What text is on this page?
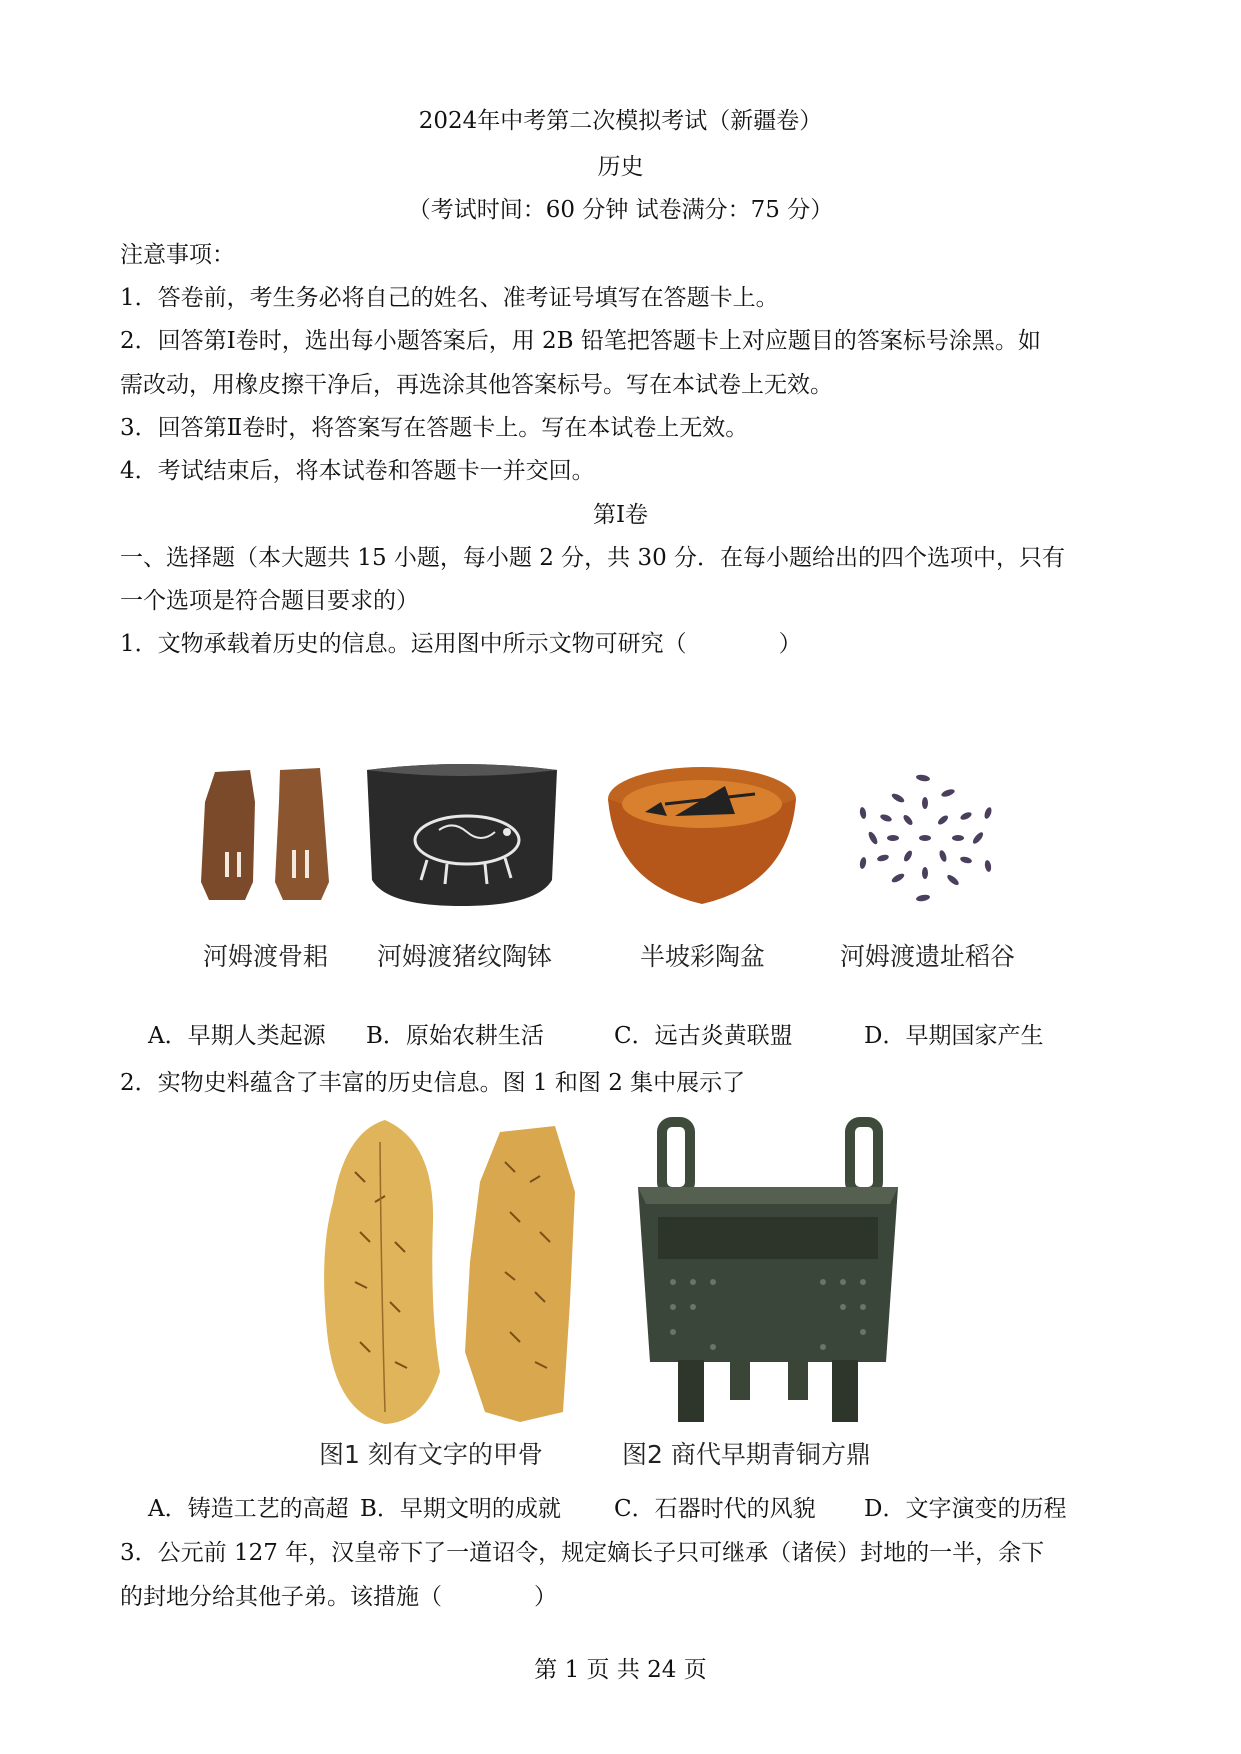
2024年中考第二次模拟考试（新疆卷）
历史
（考试时间：60 分钟 试卷满分：75 分）
注意事项：
1．答卷前，考生务必将自己的姓名、准考证号填写在答题卡上。
2．回答第Ⅰ卷时，选出每小题答案后，用 2B 铅笔把答题卡上对应题目的答案标号涂黑。如
需改动，用橡皮擦干净后，再选涂其他答案标号。写在本试卷上无效。
3．回答第Ⅱ卷时，将答案写在答题卡上。写在本试卷上无效。
4．考试结束后，将本试卷和答题卡一并交回。
第Ⅰ卷
一、选择题（本大题共 15 小题，每小题 2 分，共 30 分．在每小题给出的四个选项中，只有
一个选项是符合题目要求的）
1．文物承载着历史的信息。运用图中所示文物可研究（　　　　）
河姆渡骨耜 河姆渡猪纹陶钵	半坡彩陶盆	河姆渡遗址稻谷
A．早期人类起源 B．原始农耕生活	C．远古炎黄联盟	D．早期国家产生
2．实物史料蕴含了丰富的历史信息。图 1 和图 2 集中展示了
图1 刻有文字的甲骨	图2 商代早期青铜方鼎
A．铸造工艺的高超 B．早期文明的成就 C．石器时代的风貌 D．文字演变的历程
3．公元前 127 年，汉皇帝下了一道诏令，规定嫡长子只可继承（诸侯）封地的一半，余下
的封地分给其他子弟。该措施（　　　　）
第 1 页 共 24 页
